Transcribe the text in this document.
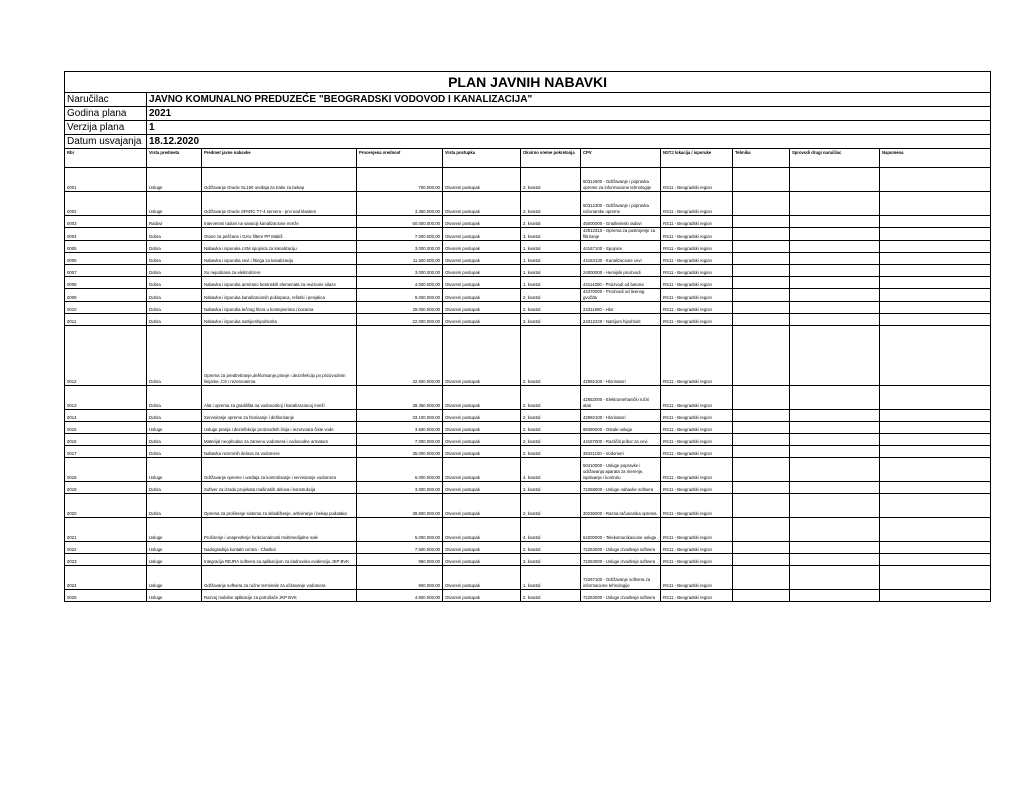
PLAN JAVNIH NABAVKI										
Naručilac	JAVNO KOMUNALNO PREDUZEĆE "BEOGRADSKI VODOVOD I KANALIZACIJA"									
Godina plana	2021									
Verzija plana	1									
Datum usvajanja	18.12.2020									
Rbr	Vrsta predmeta	Predmet javne nabavke	Procenjena vrednost	Vrsta postupka	Okvirno vreme pokretanja	CPV	NSTJ lokacija / isporuke	Tehnika	Sprovodi drugi naručilac	Napomena
0001	Usluge	Održavanje Oracle SL150 uređaja za trake za bekap	700.000,00	Otvoreni postupak	2. kvartal	50312600 - Održavanje i popravka opreme za informacione tehnologije	RS11 - Beogradski region			
0002	Usluge	Održavanje Oracle SPARC T7-4 servera - prvi nad klasters	3.350.000,00	Otvoreni postupak	2. kvartal	50312300 - Održavanje i popravka računarske opreme	RS11 - Beogradski region			
0003	Radovi	Interventni radovi na sanaciji kanalizacione mreže	60.000.000,00	Otvoreni postupak	2. kvartal	45000000 - Građevinski radovi	RS11 - Beogradski region			
0004	Dobra	Otone za peščane i GAU filtere PP Makiš	7.000.000,00	Otvoreni postupak	3. kvartal	42912310 - Oprema za postrojenje za filtriranje	RS11 - Beogradski region			
0005	Dobra	Nabavka i isporuka LSM spojnica za kanalizaciju	3.000.000,00	Otvoreni postupak	1. kvartal	44167100 - Spojnice	RS11 - Beogradski region			
0006	Dobra	Nabavka i isporuka cevi i fitinga za kanalizaciju	11.500.000,00	Otvoreni postupak	1. kvartal	44163130 - Kanalizacione cevi	RS11 - Beogradski region			
0007	Dobra	So nejodirana za elektrolizere	3.000.000,00	Otvoreni postupak	1. kvartal	24000000 - Hemijski proizvodi	RS11 - Beogradski region			
0008	Dobra	Nabavka i isporuka armirano betonskih elemenata za revizione silaze	4.000.000,00	Otvoreni postupak	1. kvartal	44114200 - Proizvodi od betona	RS11 - Beogradski region			
0009	Dobra	Nabavka i isporuka kanalizacionih poklopaca, rešetki i penjalica	9.000.000,00	Otvoreni postupak	2. kvartal	44470000 - Proizvodi od livenog gvožđa	RS11 - Beogradski region			
0010	Dobra	Nabavka i isporuka tečnog hlora u kontejnerima i bocama	29.000.000,00	Otvoreni postupak	2. kvartal	24311900 - Hlor	RS11 - Beogradski region			
0011	Dobra	Nabavka i isporuka natrijumhipohlorita	22.000.000,00	Otvoreni postupak	3. kvartal	24312220 - Natrijum hipohlorit	RS11 - Beogradski region			
0012	Dobra	Oprema za predtretiranje,dehlorisanje,pranje i dezinfekciju po proizvodnim linijama ,CS i rezervoarima	32.500.000,00	Otvoreni postupak	2. kvartal	42992100 - Hlorinatori	RS11 - Beogradski region			
0013	Dobra	Alat i oprema za gradilišta na vodovodnoj i kanalizacionoj mreži	39.350.000,00	Otvoreni postupak	2. kvartal	42652000 - Elektromehanički ručni alati	RS11 - Beogradski region			
0014	Dobra	Servisiranje opreme za hlorisanje i dehlorisanje	33.100.000,00	Otvoreni postupak	2. kvartal	42992100 - Hlorinatori	RS11 - Beogradski region			
0015	Usluge	Usluge pranja i dezinfekcije proizvodnih linija i rezervoara čiste vode	3.500.000,00	Otvoreni postupak	2. kvartal	98390000 - Ostale usluge	RS11 - Beogradski region			
0016	Dobra	Materijal neophodan za zamenu vodomera i vodovodne armature	7.000.000,00	Otvoreni postupak	2. kvartal	44167000 - Različiti pribor za cevi	RS11 - Beogradski region			
0017	Dobra	Nabavka rezervnih delova za vodomere	35.000.000,00	Otvoreni postupak	2. kvartal	38421100 - Vodomeri	RS11 - Beogradski region			
0018	Usluge	Održavanje opreme i uređaja za kontrolisanje i servisiranje vodomera	6.000.000,00	Otvoreni postupak	4. kvartal	50410000 - Usluge popravke i održavanja aparata za merenje, ispitivanje i kontrolu	RS11 - Beogradski region			
0019	Dobra	Softver za izradu projekata mašinskih delova i konstrukcija	3.000.000,00	Otvoreni postupak	3. kvartal	72268000 - Usluge nabavke softvera	RS11 - Beogradski region			
0020	Dobra	Oprema za proširenje sistema za skladištenje, arhiviranje i bekap podataka	39.500.000,00	Otvoreni postupak	2. kvartal	30236000 - Razna računarska oprema	RS11 - Beogradski region			
0021	Usluge	Proširenje i unapređenje funkcionalnosti multimedijalne sale	5.000.000,00	Otvoreni postupak	4. kvartal	64200000 - Telekomunikacione usluge	RS11 - Beogradski region			
0022	Usluge	Nadogradnja kontakt centra - Chatbot	7.500.000,00	Otvoreni postupak	2. kvartal	72263000 - Usluge izvođenja softvera	RS11 - Beogradski region			
0023	Usluge	Integracija REJRA softvera sa aplikacijom za kadrovsku evidenciju JKP BVK	950.000,00	Otvoreni postupak	3. kvartal	72263000 - Usluge izvođenja softvera	RS11 - Beogradski region			
0024	Usluge	Održavanje softvera za ručne terminale za očitavanje vodomera	900.000,00	Otvoreni postupak	1. kvartal	72267100 - Održavanje softvera za informacione tehnologije	RS11 - Beogradski region			
0025	Usluge	Razvoj mobilne aplikacije za potrošače JKP BVK	4.800.000,00	Otvoreni postupak	2. kvartal	72263000 - Usluge izvođenja softvera	RS11 - Beogradski region			
